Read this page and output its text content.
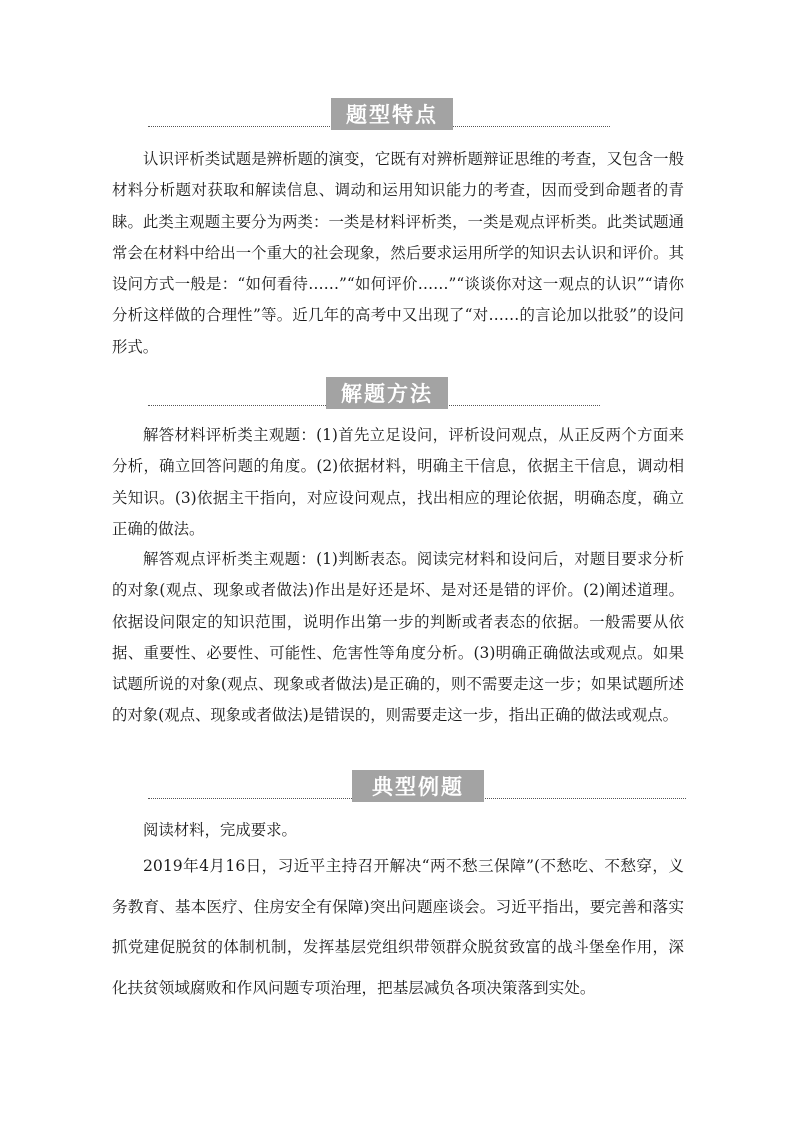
题型特点

认识评析类试题是辨析题的演变，它既有对辨析题辩证思维的考查，又包含一般材料分析题对获取和解读信息、调动和运用知识能力的考查，因而受到命题者的青睐。此类主观题主要分为两类：一类是材料评析类，一类是观点评析类。此类试题通常会在材料中给出一个重大的社会现象，然后要求运用所学的知识去认识和评价。其设问方式一般是：“如何看待……”“如何评价……”“谈谈你对这一观点的认识”“请你分析这样做的合理性”等。近几年的高考中又出现了“对……的言论加以批驳”的设问形式。

解题方法

解答材料评析类主观题：(1)首先立足设问，评析设问观点，从正反两个方面来分析，确立回答问题的角度。(2)依据材料，明确主干信息，依据主干信息，调动相关知识。(3)依据主干指向，对应设问观点，找出相应的理论依据，明确态度，确立正确的做法。

解答观点评析类主观题：(1)判断表态。阅读完材料和设问后，对题目要求分析的对象(观点、现象或者做法)作出是好还是坏、是对还是错的评价。(2)阐述道理。依据设问限定的知识范围，说明作出第一步的判断或者表态的依据。一般需要从依据、重要性、必要性、可能性、危害性等角度分析。(3)明确正确做法或观点。如果试题所说的对象(观点、现象或者做法)是正确的，则不需要走这一步；如果试题所述的对象(观点、现象或者做法)是错误的，则需要走这一步，指出正确的做法或观点。

典型例题

阅读材料，完成要求。

2019年4月16日，习近平主持召开解决“两不愁三保障”(不愁吃、不愁穿，义务教育、基本医疗、住房安全有保障)突出问题座谈会。习近平指出，要完善和落实抓党建促脱贫的体制机制，发挥基层党组织带领群众脱贫致富的战斗堡垒作用，深化扶贫领域腐败和作风问题专项治理，把基层减负各项决策落到实处。
